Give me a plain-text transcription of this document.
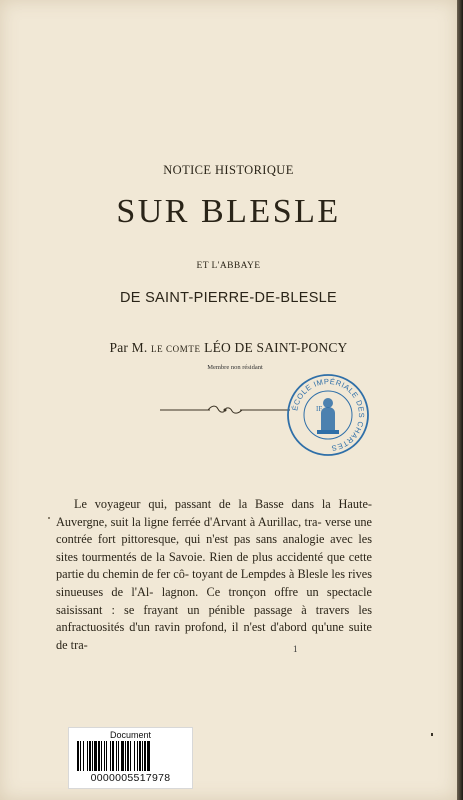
NOTICE HISTORIQUE
SUR BLESLE
ET L'ABBAYE
DE SAINT-PIERRE-DE-BLESLE
Par M. LE COMTE LÉO DE SAINT-PONCY
Membre non résidant
ÉCOLE IMPÉRIALE DES CHARTES
IF

Le voyageur qui, passant de la Basse dans la Haute- Auvergne, suit la ligne ferrée d'Arvant à Aurillac, tra- verse une contrée fort pittoresque, qui n'est pas sans analogie avec les sites tourmentés de la Savoie. Rien de plus accidenté que cette partie du chemin de fer cô- toyant de Lempdes à Blesle les rives sinueuses de l'Al- lagnon. Ce tronçon offre un spectacle saisissant : se frayant un pénible passage à travers les anfractuosités d'un ravin profond, il n'est d'abord qu'une suite de tra-	1
Document
0000005517978
